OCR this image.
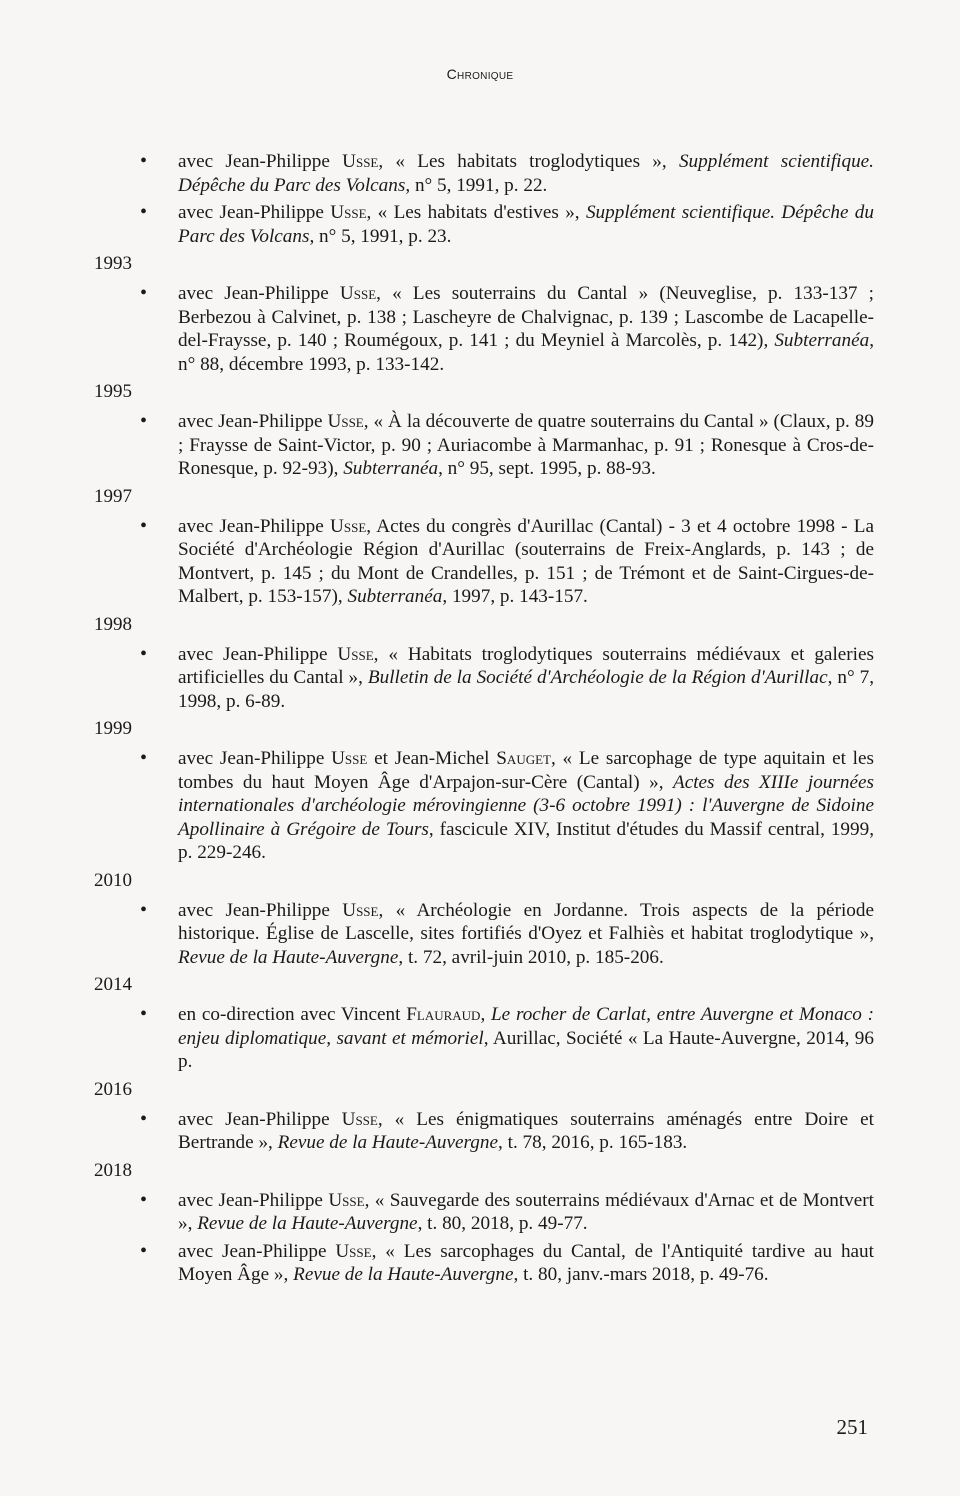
Chronique
• avec Jean-Philippe Usse, « Les habitats troglodytiques », Supplément scientifique. Dépêche du Parc des Volcans, n° 5, 1991, p. 22.
• avec Jean-Philippe Usse, « Les habitats d'estives », Supplément scientifique. Dépêche du Parc des Volcans, n° 5, 1991, p. 23.
1993
• avec Jean-Philippe Usse, « Les souterrains du Cantal » (Neuveglise, p. 133-137 ; Berbezou à Calvinet, p. 138 ; Lascheyre de Chalvignac, p. 139 ; Lascombe de Lacapelle-del-Fraysse, p. 140 ; Roumégoux, p. 141 ; du Meyniel à Marcolès, p. 142), Subterranéa, n° 88, décembre 1993, p. 133-142.
1995
• avec Jean-Philippe Usse, « À la découverte de quatre souterrains du Cantal » (Claux, p. 89 ; Fraysse de Saint-Victor, p. 90 ; Auriacombe à Marmanhac, p. 91 ; Ronesque à Cros-de-Ronesque, p. 92-93), Subterranéa, n° 95, sept. 1995, p. 88-93.
1997
• avec Jean-Philippe Usse, Actes du congrès d'Aurillac (Cantal) - 3 et 4 octobre 1998 - La Société d'Archéologie Région d'Aurillac (souterrains de Freix-Anglards, p. 143 ; de Montvert, p. 145 ; du Mont de Crandelles, p. 151 ; de Trémont et de Saint-Cirgues-de-Malbert, p. 153-157), Subterranéa, 1997, p. 143-157.
1998
• avec Jean-Philippe Usse, « Habitats troglodytiques souterrains médiévaux et galeries artificielles du Cantal », Bulletin de la Société d'Archéologie de la Région d'Aurillac, n° 7, 1998, p. 6-89.
1999
• avec Jean-Philippe Usse et Jean-Michel Sauget, « Le sarcophage de type aquitain et les tombes du haut Moyen Âge d'Arpajon-sur-Cère (Cantal) », Actes des XIIIe journées internationales d'archéologie mérovingienne (3-6 octobre 1991) : l'Auvergne de Sidoine Apollinaire à Grégoire de Tours, fascicule XIV, Institut d'études du Massif central, 1999, p. 229-246.
2010
• avec Jean-Philippe Usse, « Archéologie en Jordanne. Trois aspects de la période historique. Église de Lascelle, sites fortifiés d'Oyez et Falhiès et habitat troglodytique », Revue de la Haute-Auvergne, t. 72, avril-juin 2010, p. 185-206.
2014
• en co-direction avec Vincent Flauraud, Le rocher de Carlat, entre Auvergne et Monaco : enjeu diplomatique, savant et mémoriel, Aurillac, Société « La Haute-Auvergne, 2014, 96 p.
2016
• avec Jean-Philippe Usse, « Les énigmatiques souterrains aménagés entre Doire et Bertrande », Revue de la Haute-Auvergne, t. 78, 2016, p. 165-183.
2018
• avec Jean-Philippe Usse, « Sauvegarde des souterrains médiévaux d'Arnac et de Montvert », Revue de la Haute-Auvergne, t. 80, 2018, p. 49-77.
• avec Jean-Philippe Usse, « Les sarcophages du Cantal, de l'Antiquité tardive au haut Moyen Âge », Revue de la Haute-Auvergne, t. 80, janv.-mars 2018, p. 49-76.
251
